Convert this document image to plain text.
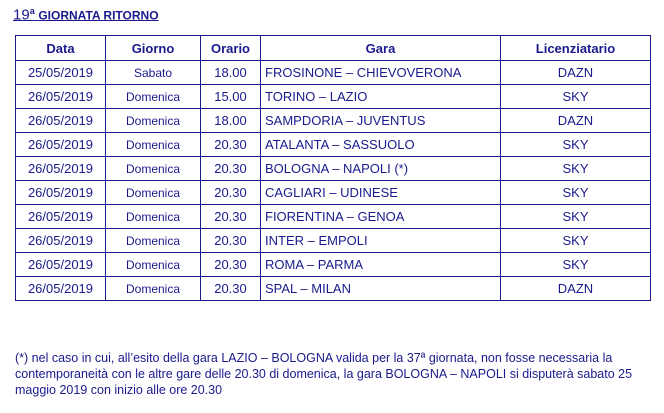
19$^a$ GIORNATA RITORNO
Data	Giorno	Orario	Gara	Licenziatario
25/05/2019	Sabato	18.00	FROSINONE – CHIEVOVERONA	DAZN
26/05/2019	Domenica	15.00	TORINO – LAZIO	SKY
26/05/2019	Domenica	18.00	SAMPDORIA – JUVENTUS	DAZN
26/05/2019	Domenica	20.30	ATALANTA – SASSUOLO	SKY
26/05/2019	Domenica	20.30	BOLOGNA – NAPOLI (*)	SKY
26/05/2019	Domenica	20.30	CAGLIARI – UDINESE	SKY
26/05/2019	Domenica	20.30	FIORENTINA – GENOA	SKY
26/05/2019	Domenica	20.30	INTER – EMPOLI	SKY
26/05/2019	Domenica	20.30	ROMA – PARMA	SKY
26/05/2019	Domenica	20.30	SPAL – MILAN	DAZN
(*) nel caso in cui, all’esito della gara LAZIO – BOLOGNA valida per la 37ª giornata, non fosse necessaria la contemporaneità con le altre gare delle 20.30 di domenica, la gara BOLOGNA – NAPOLI si disputerà sabato 25 maggio 2019 con inizio alle ore 20.30
